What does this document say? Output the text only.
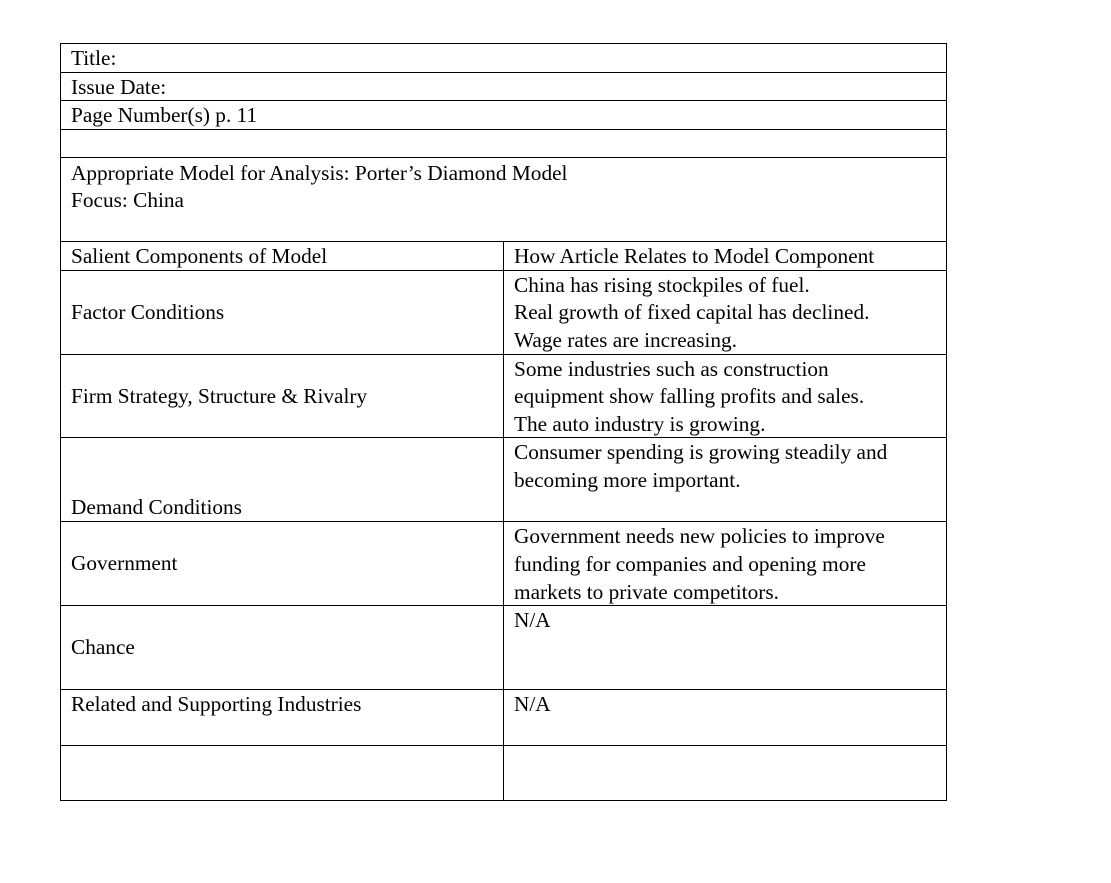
Title:
Issue Date:
Page Number(s) p. 11
Appropriate Model for Analysis: Porter’s Diamond Model
Focus: China
Salient Components of Model	How Article Relates to Model Component
Factor Conditions
China has rising stockpiles of fuel.
Real growth of fixed capital has declined.
Wage rates are increasing.
Firm Strategy, Structure & Rivalry
Some industries such as construction
equipment show falling profits and sales.
The auto industry is growing.
Demand Conditions
Consumer spending is growing steadily and
becoming more important.
Government
Government needs new policies to improve
funding for companies and opening more
markets to private competitors.
Chance
N/A
Related and Supporting Industries	N/A
